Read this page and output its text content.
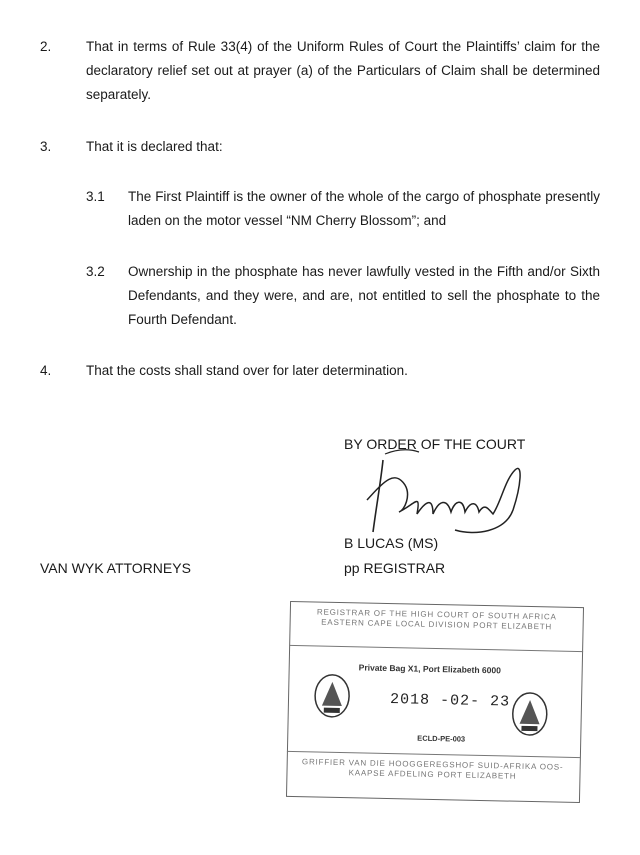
2.	That in terms of Rule 33(4) of the Uniform Rules of Court the Plaintiffs’ claim for the declaratory relief set out at prayer (a) of the Particulars of Claim shall be determined separately.
3.	That it is declared that:
3.1 The First Plaintiff is the owner of the whole of the cargo of phosphate presently laden on the motor vessel “NM Cherry Blossom”; and
3.2 Ownership in the phosphate has never lawfully vested in the Fifth and/or Sixth Defendants, and they were, and are, not entitled to sell the phosphate to the Fourth Defendant.
4.	That the costs shall stand over for later determination.
BY ORDER OF THE COURT
B LUCAS (MS)
pp REGISTRAR
VAN WYK ATTORNEYS
REGISTRAR OF THE HIGH COURT OF SOUTH AFRICA EASTERN CAPE LOCAL DIVISION PORT ELIZABETH
Private Bag X1, Port Elizabeth 6000
2018 -02- 23
ECLD-PE-003
GRIFFIER VAN DIE HOOGGEREGSHOF SUID-AFRIKA OOS-KAAPSE AFDELING PORT ELIZABETH
